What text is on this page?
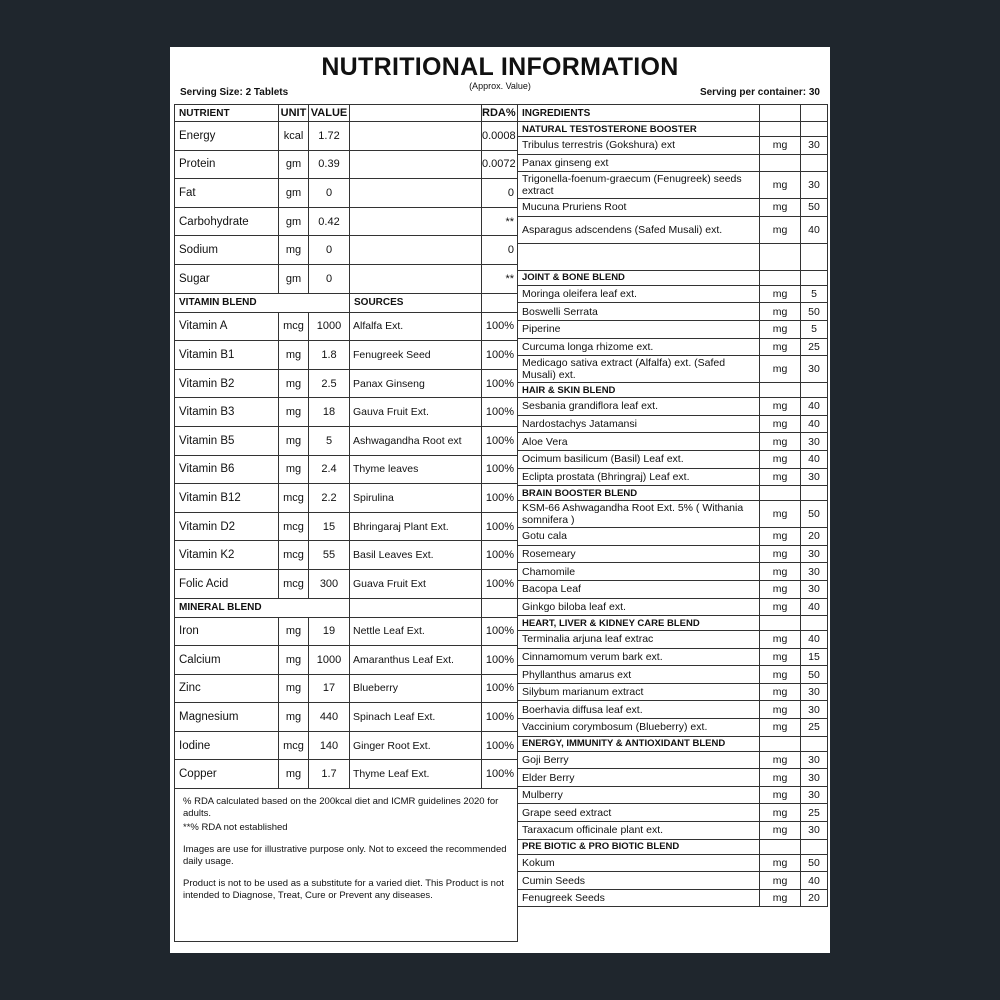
NUTRITIONAL INFORMATION
(Approx. Value)
Serving Size: 2 Tablets	Serving per container: 30
NUTRIENT	UNIT	VALUE		RDA%
Energy	kcal	1.72		0.0008
Protein	gm	0.39		0.0072
Fat	gm	0		0
Carbohydrate	gm	0.42		**
Sodium	mg	0		0
Sugar	gm	0		**
VITAMIN BLEND			SOURCES	
Vitamin A	mcg	1000	Alfalfa Ext.	100%
Vitamin B1	mg	1.8	Fenugreek Seed	100%
Vitamin B2	mg	2.5	Panax Ginseng	100%
Vitamin B3	mg	18	Gauva Fruit Ext.	100%
Vitamin B5	mg	5	Ashwagandha Root ext	100%
Vitamin B6	mg	2.4	Thyme leaves	100%
Vitamin B12	mcg	2.2	Spirulina	100%
Vitamin D2	mcg	15	Bhringaraj Plant Ext.	100%
Vitamin K2	mcg	55	Basil Leaves Ext.	100%
Folic Acid	mcg	300	Guava Fruit Ext	100%
MINERAL BLEND				
Iron	mg	19	Nettle Leaf Ext.	100%
Calcium	mg	1000	Amaranthus Leaf Ext.	100%
Zinc	mg	17	Blueberry	100%
Magnesium	mg	440	Spinach Leaf Ext.	100%
Iodine	mcg	140	Ginger Root Ext.	100%
Copper	mg	1.7	Thyme Leaf Ext.	100%

% RDA calculated based on the 200kcal diet and ICMR guidelines 2020 for adults.

**% RDA not established

Images are use for illustrative purpose only. Not to exceed the recommended daily usage.

Product is not to be used as a substitute for a varied diet. This Product is not intended to Diagnose, Treat, Cure or Prevent any diseases.				

INGREDIENTS		
NATURAL TESTOSTERONE BOOSTER		
Tribulus terrestris (Gokshura) ext	mg	30
Panax ginseng ext		
Trigonella-foenum-graecum (Fenugreek) seeds extract	mg	30
Mucuna Pruriens Root	mg	50
Asparagus adscendens (Safed Musali) ext.	mg	40

JOINT & BONE BLEND		
Moringa oleifera leaf ext.	mg	5
Boswelli Serrata	mg	50
Piperine	mg	5
Curcuma longa rhizome ext.	mg	25
Medicago sativa extract (Alfalfa) ext. (Safed Musali) ext.	mg	30
HAIR & SKIN BLEND		
Sesbania grandiflora leaf ext.	mg	40
Nardostachys Jatamansi	mg	40
Aloe Vera	mg	30
Ocimum basilicum (Basil) Leaf ext.	mg	40
Eclipta prostata (Bhringraj) Leaf ext.	mg	30
BRAIN BOOSTER BLEND		
KSM-66 Ashwagandha Root Ext. 5% ( Withania somnifera )	mg	50
Gotu cala	mg	20
Rosemeary	mg	30
Chamomile	mg	30
Bacopa Leaf	mg	30
Ginkgo biloba leaf ext.	mg	40
HEART, LIVER & KIDNEY CARE BLEND		
Terminalia arjuna leaf extrac	mg	40
Cinnamomum verum bark ext.	mg	15
Phyllanthus amarus ext	mg	50
Silybum marianum extract	mg	30
Boerhavia diffusa leaf ext.	mg	30
Vaccinium corymbosum (Blueberry) ext.	mg	25
ENERGY, IMMUNITY & ANTIOXIDANT BLEND		
Goji Berry	mg	30
Elder Berry	mg	30
Mulberry	mg	30
Grape seed extract	mg	25
Taraxacum officinale plant ext.	mg	30
PRE BIOTIC & PRO BIOTIC BLEND		
Kokum	mg	50
Cumin Seeds	mg	40
Fenugreek Seeds	mg	20
